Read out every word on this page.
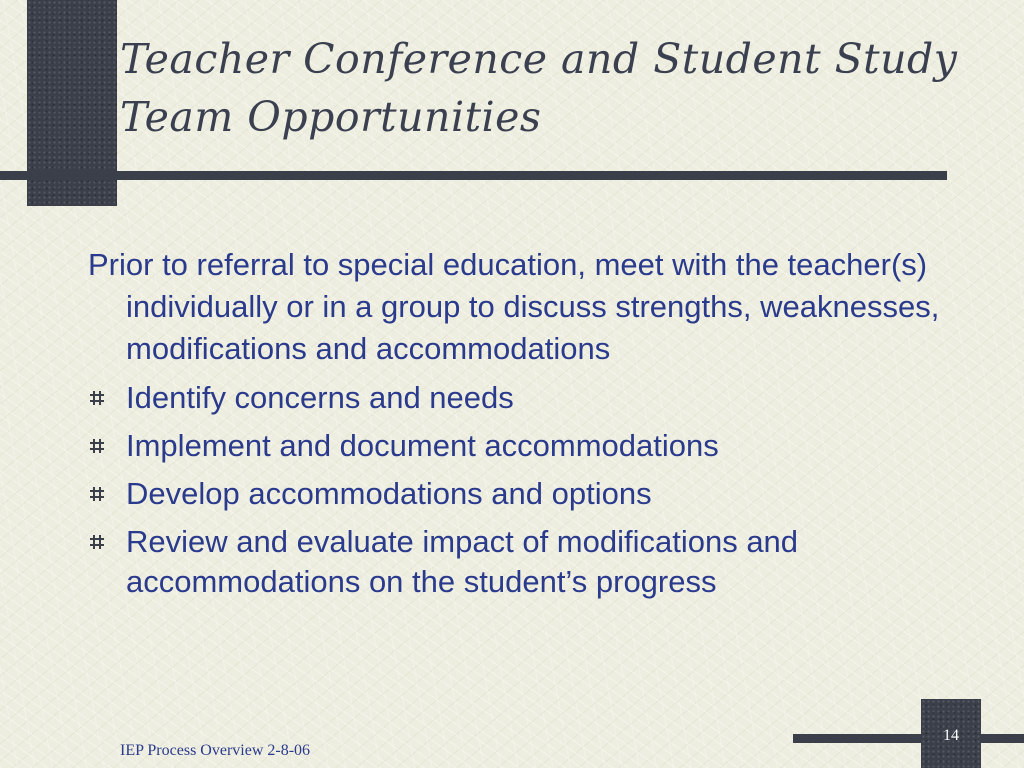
Teacher Conference and Student Study Team Opportunities

Prior to referral to special education, meet with the teacher(s) individually or in a group to discuss strengths, weaknesses, modifications and accommodations

Identify concerns and needs
Implement and document accommodations
Develop accommodations and options
Review and evaluate impact of modifications and accommodations on the student’s progress
14
IEP Process Overview 2-8-06
